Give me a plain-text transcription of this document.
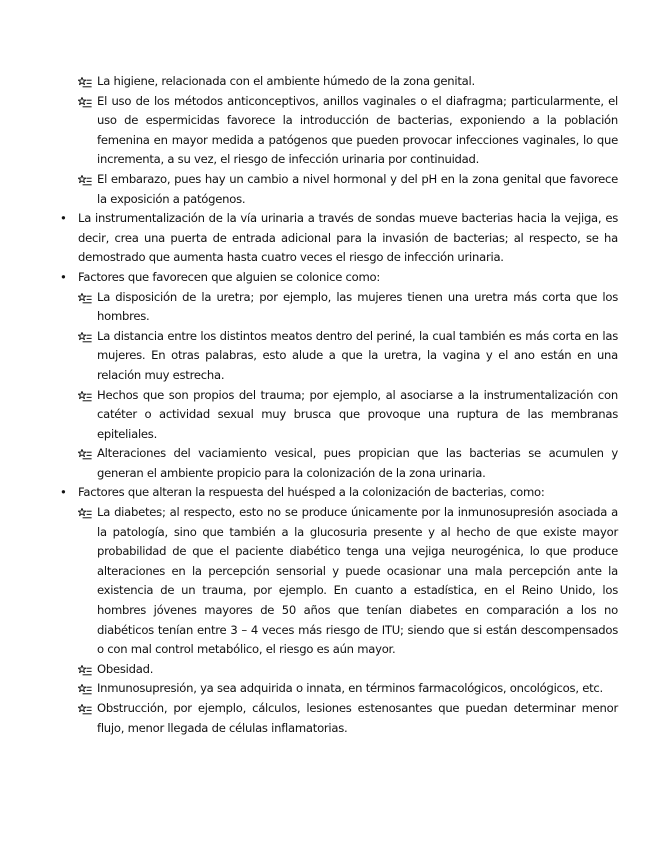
La higiene, relacionada con el ambiente húmedo de la zona genital.
El uso de los métodos anticonceptivos, anillos vaginales o el diafragma; particularmente, el uso de espermicidas favorece la introducción de bacterias, exponiendo a la población femenina en mayor medida a patógenos que pueden provocar infecciones vaginales, lo que incrementa, a su vez, el riesgo de infección urinaria por continuidad.
El embarazo, pues hay un cambio a nivel hormonal y del pH en la zona genital que favorece la exposición a patógenos.
• La instrumentalización de la vía urinaria a través de sondas mueve bacterias hacia la vejiga, es decir, crea una puerta de entrada adicional para la invasión de bacterias; al respecto, se ha demostrado que aumenta hasta cuatro veces el riesgo de infección urinaria.
• Factores que favorecen que alguien se colonice como:
La disposición de la uretra; por ejemplo, las mujeres tienen una uretra más corta que los hombres.
La distancia entre los distintos meatos dentro del periné, la cual también es más corta en las mujeres. En otras palabras, esto alude a que la uretra, la vagina y el ano están en una relación muy estrecha.
Hechos que son propios del trauma; por ejemplo, al asociarse a la instrumentalización con catéter o actividad sexual muy brusca que provoque una ruptura de las membranas epiteliales.
Alteraciones del vaciamiento vesical, pues propician que las bacterias se acumulen y generan el ambiente propicio para la colonización de la zona urinaria.
• Factores que alteran la respuesta del huésped a la colonización de bacterias, como:
La diabetes; al respecto, esto no se produce únicamente por la inmunosupresión asociada a la patología, sino que también a la glucosuria presente y al hecho de que existe mayor probabilidad de que el paciente diabético tenga una vejiga neurogénica, lo que produce alteraciones en la percepción sensorial y puede ocasionar una mala percepción ante la existencia de un trauma, por ejemplo. En cuanto a estadística, en el Reino Unido, los hombres jóvenes mayores de 50 años que tenían diabetes en comparación a los no diabéticos tenían entre 3 – 4 veces más riesgo de ITU; siendo que si están descompensados o con mal control metabólico, el riesgo es aún mayor.
Obesidad.
Inmunosupresión, ya sea adquirida o innata, en términos farmacológicos, oncológicos, etc.
Obstrucción, por ejemplo, cálculos, lesiones estenosantes que puedan determinar menor flujo, menor llegada de células inflamatorias.
